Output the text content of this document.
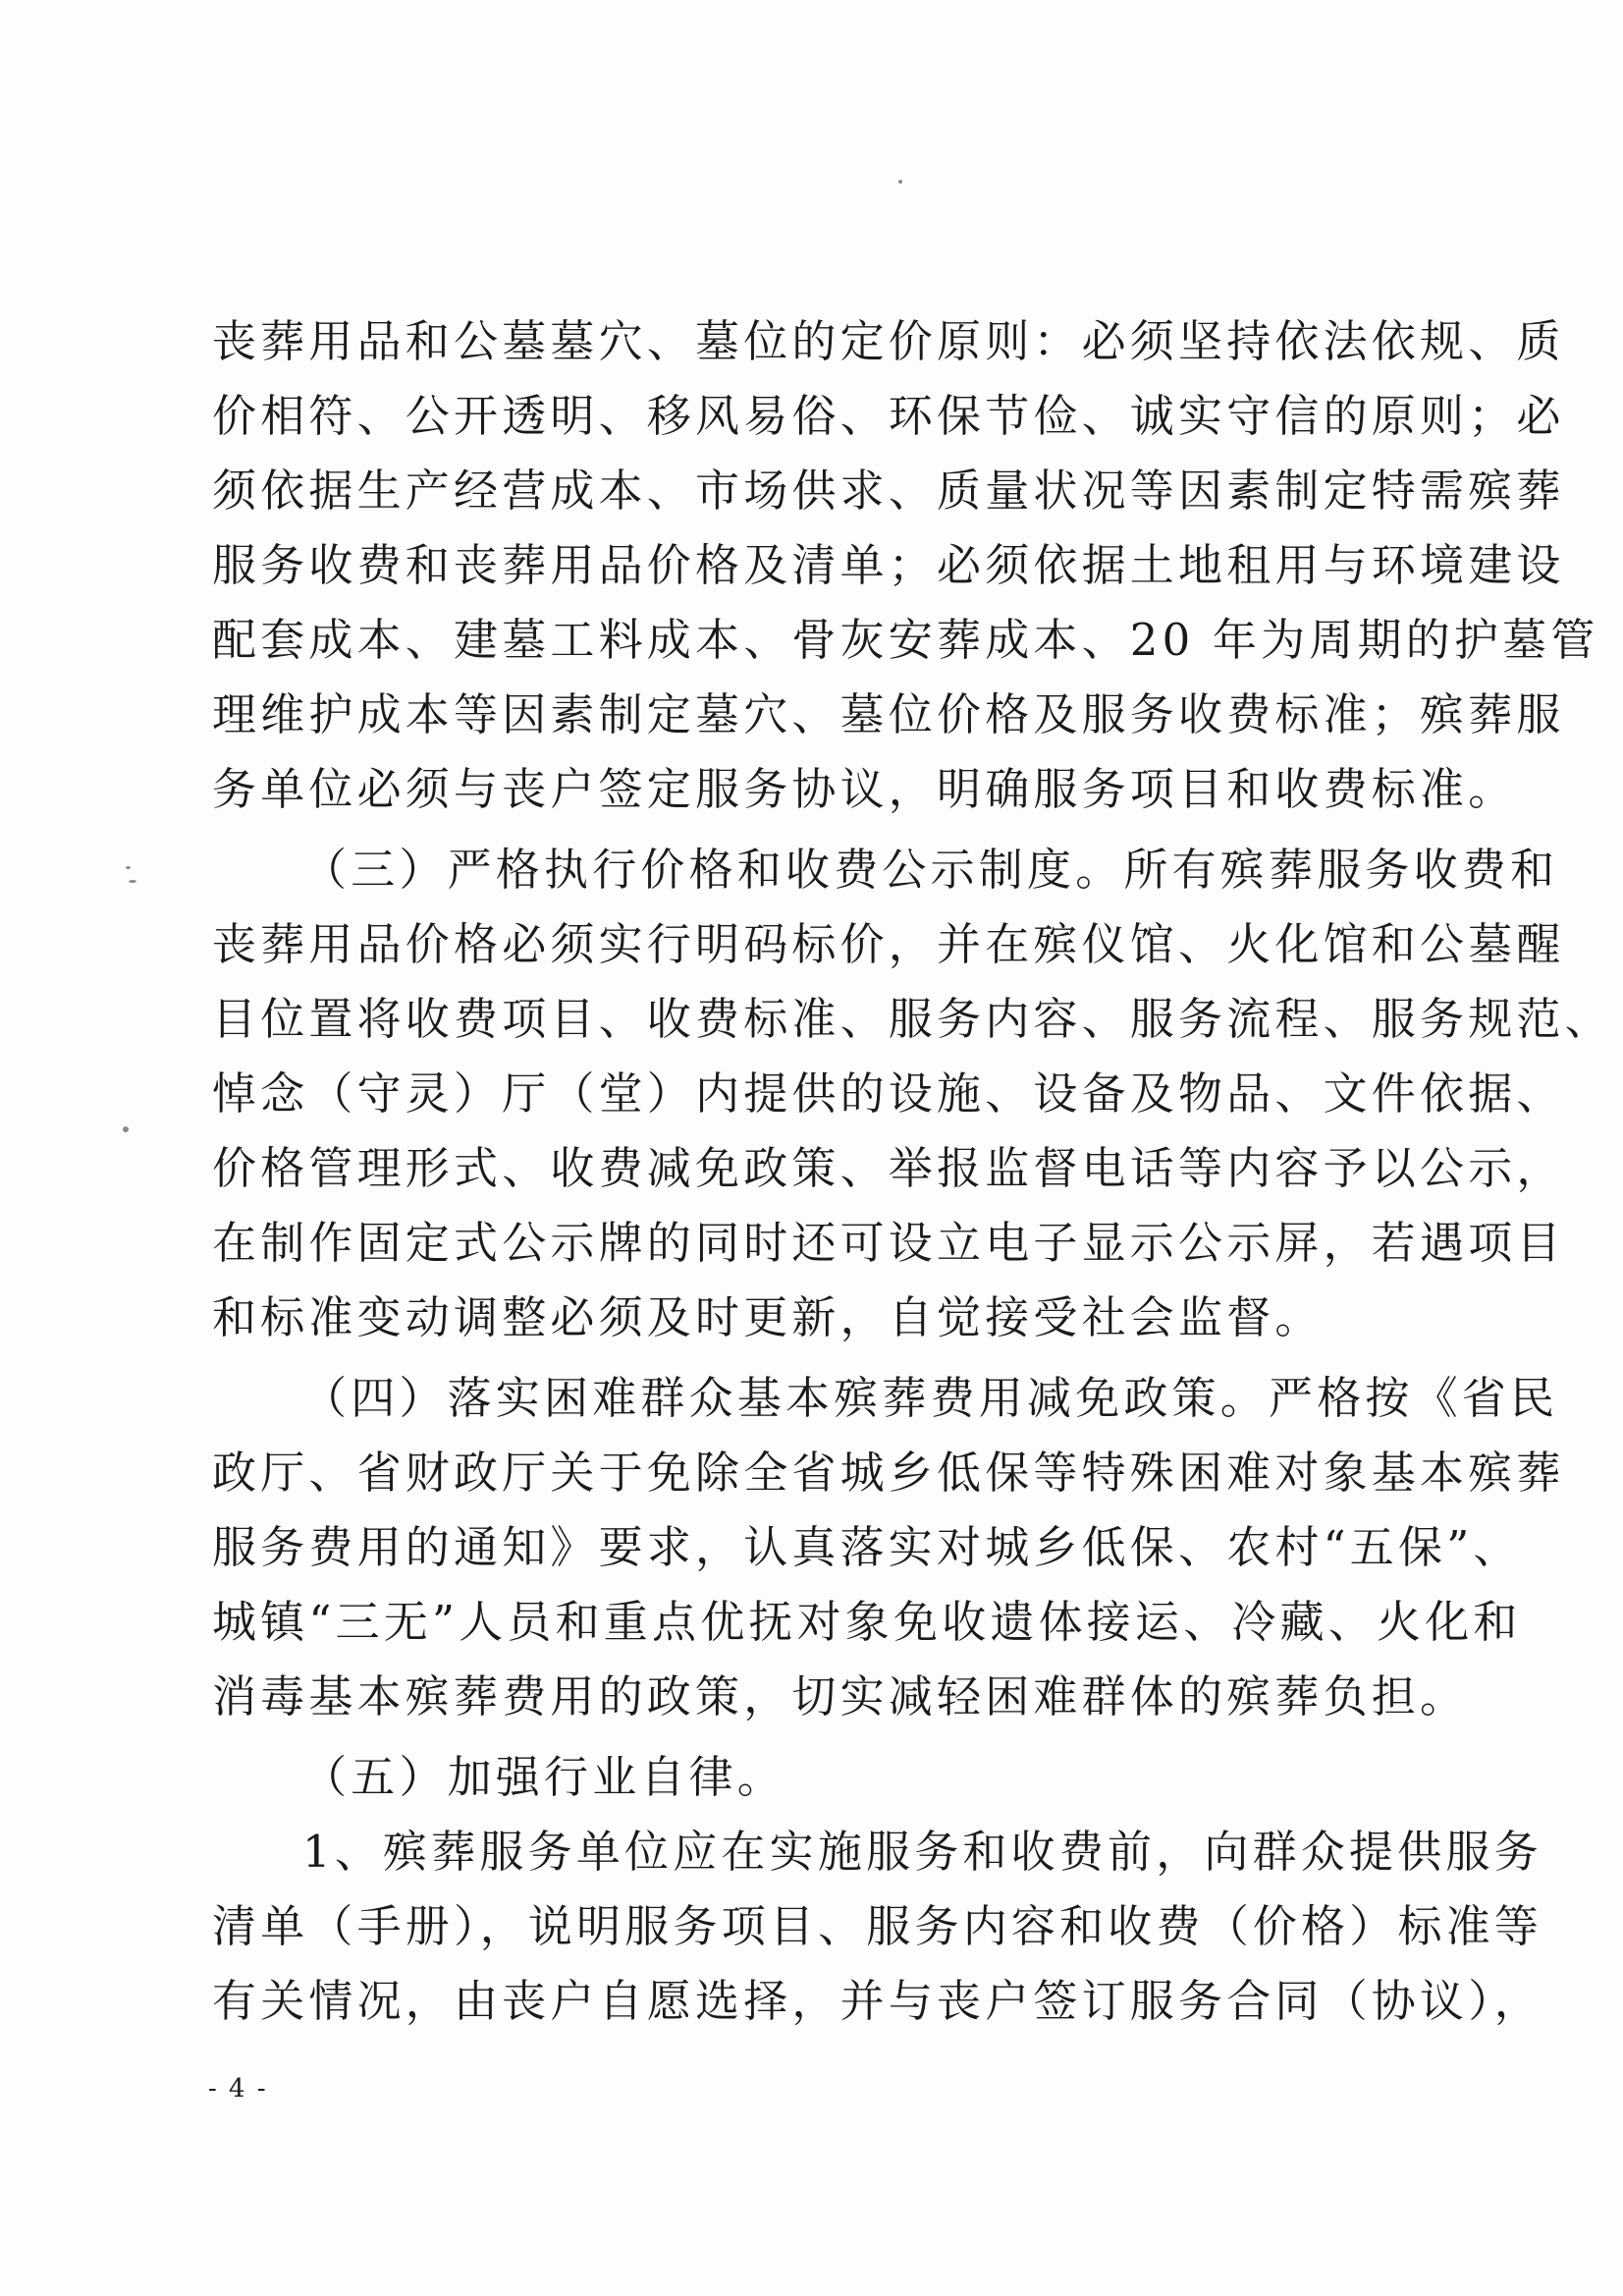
丧葬用品和公墓墓穴、墓位的定价原则：必须坚持依法依规、质
价相符、公开透明、移风易俗、环保节俭、诚实守信的原则；必
须依据生产经营成本、市场供求、质量状况等因素制定特需殡葬
服务收费和丧葬用品价格及清单；必须依据土地租用与环境建设
配套成本、建墓工料成本、骨灰安葬成本、20 年为周期的护墓管
理维护成本等因素制定墓穴、墓位价格及服务收费标准；殡葬服
务单位必须与丧户签定服务协议，明确服务项目和收费标准。
（三）严格执行价格和收费公示制度。所有殡葬服务收费和
丧葬用品价格必须实行明码标价，并在殡仪馆、火化馆和公墓醒
目位置将收费项目、收费标准、服务内容、服务流程、服务规范、
悼念（守灵）厅（堂）内提供的设施、设备及物品、文件依据、
价格管理形式、收费减免政策、举报监督电话等内容予以公示，
在制作固定式公示牌的同时还可设立电子显示公示屏，若遇项目
和标准变动调整必须及时更新，自觉接受社会监督。
（四）落实困难群众基本殡葬费用减免政策。严格按《省民
政厅、省财政厅关于免除全省城乡低保等特殊困难对象基本殡葬
服务费用的通知》要求，认真落实对城乡低保、农村“五保”、
城镇“三无”人员和重点优抚对象免收遗体接运、冷藏、火化和
消毒基本殡葬费用的政策，切实减轻困难群体的殡葬负担。
（五）加强行业自律。
1、殡葬服务单位应在实施服务和收费前，向群众提供服务
清单（手册），说明服务项目、服务内容和收费（价格）标准等
有关情况，由丧户自愿选择，并与丧户签订服务合同（协议），
- 4 -
